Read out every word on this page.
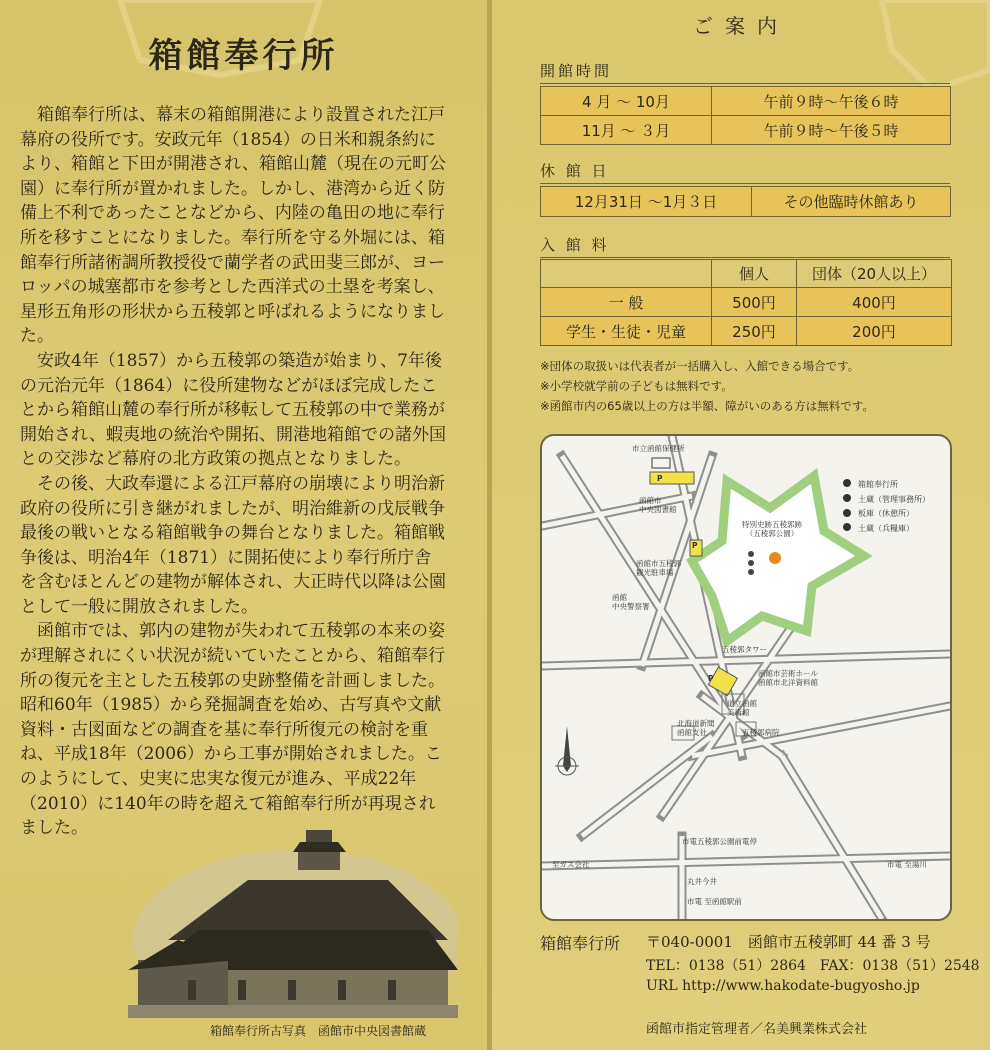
箱館奉行所

箱館奉行所は、幕末の箱館開港により設置された江戸幕府の役所です。安政元年（1854）の日米和親条約により、箱館と下田が開港され、箱館山麓（現在の元町公園）に奉行所が置かれました。しかし、港湾から近く防備上不利であったことなどから、内陸の亀田の地に奉行所を移すことになりました。奉行所を守る外堀には、箱館奉行所諸術調所教授役で蘭学者の武田斐三郎が、ヨーロッパの城塞都市を参考とした西洋式の土塁を考案し、星形五角形の形状から五稜郭と呼ばれるようになりました。

安政4年（1857）から五稜郭の築造が始まり、7年後の元治元年（1864）に役所建物などがほぼ完成したことから箱館山麓の奉行所が移転して五稜郭の中で業務が開始され、蝦夷地の統治や開拓、開港地箱館での諸外国との交渉など幕府の北方政策の拠点となりました。

その後、大政奉還による江戸幕府の崩壊により明治新政府の役所に引き継がれましたが、明治維新の戊辰戦争最後の戦いとなる箱館戦争の舞台となりました。箱館戦争後は、明治4年（1871）に開拓使により奉行所庁舎を含むほとんどの建物が解体され、大正時代以降は公園として一般に開放されました。

函館市では、郭内の建物が失われて五稜郭の本来の姿が理解されにくい状況が続いていたことから、箱館奉行所の復元を主とした五稜郭の史跡整備を計画しました。昭和60年（1985）から発掘調査を始め、古写真や文献資料・古図面などの調査を基に奉行所復元の検討を重ね、平成18年（2006）から工事が開始されました。このようにして、史実に忠実な復元が進み、平成22年（2010）に140年の時を超えて箱館奉行所が再現されました。

箱館奉行所古写真　函館市中央図書館蔵
ご案内
開館時間
4 月 ～ 10月	午前９時～午後６時
11月 ～ ３月	午前９時～午後５時
休 館 日
12月31日 ～1月３日	その他臨時休館あり
入 館 料
	個人	団体（20人以上）
一 般	500円	400円
学生・生徒・児童	250円	200円
※団体の取扱いは代表者が一括購入し、入館できる場合です。
※小学校就学前の子どもは無料です。
※函館市内の65歳以上の方は半額、障がいのある方は無料です。
箱館奉行所
土蔵（管理事務所）
板庫（休憩所）
土蔵（兵糧庫）

市立函館保健所

P

函館市
中央図書館

P

函館市五稜郭
観光駐車場

函館
中央警察署

特別史跡五稜郭跡
（五稜郭公園）

五稜郭タワー

P

函館市芸術ホール
函館市北洋資料館

道立函館
美術館

北海道新聞
函館支社

	五稜郭病院

市電五稜郭公園前電停

至ガス会社

	市電 至湯川

丸井今井

市電 至函館駅前

箱館奉行所 〒040-0001　函館市五稜郭町 44 番 3 号
TEL：0138（51）2864　FAX：0138（51）2548
URL http://www.hakodate-bugyosho.jp
函館市指定管理者／名美興業株式会社
